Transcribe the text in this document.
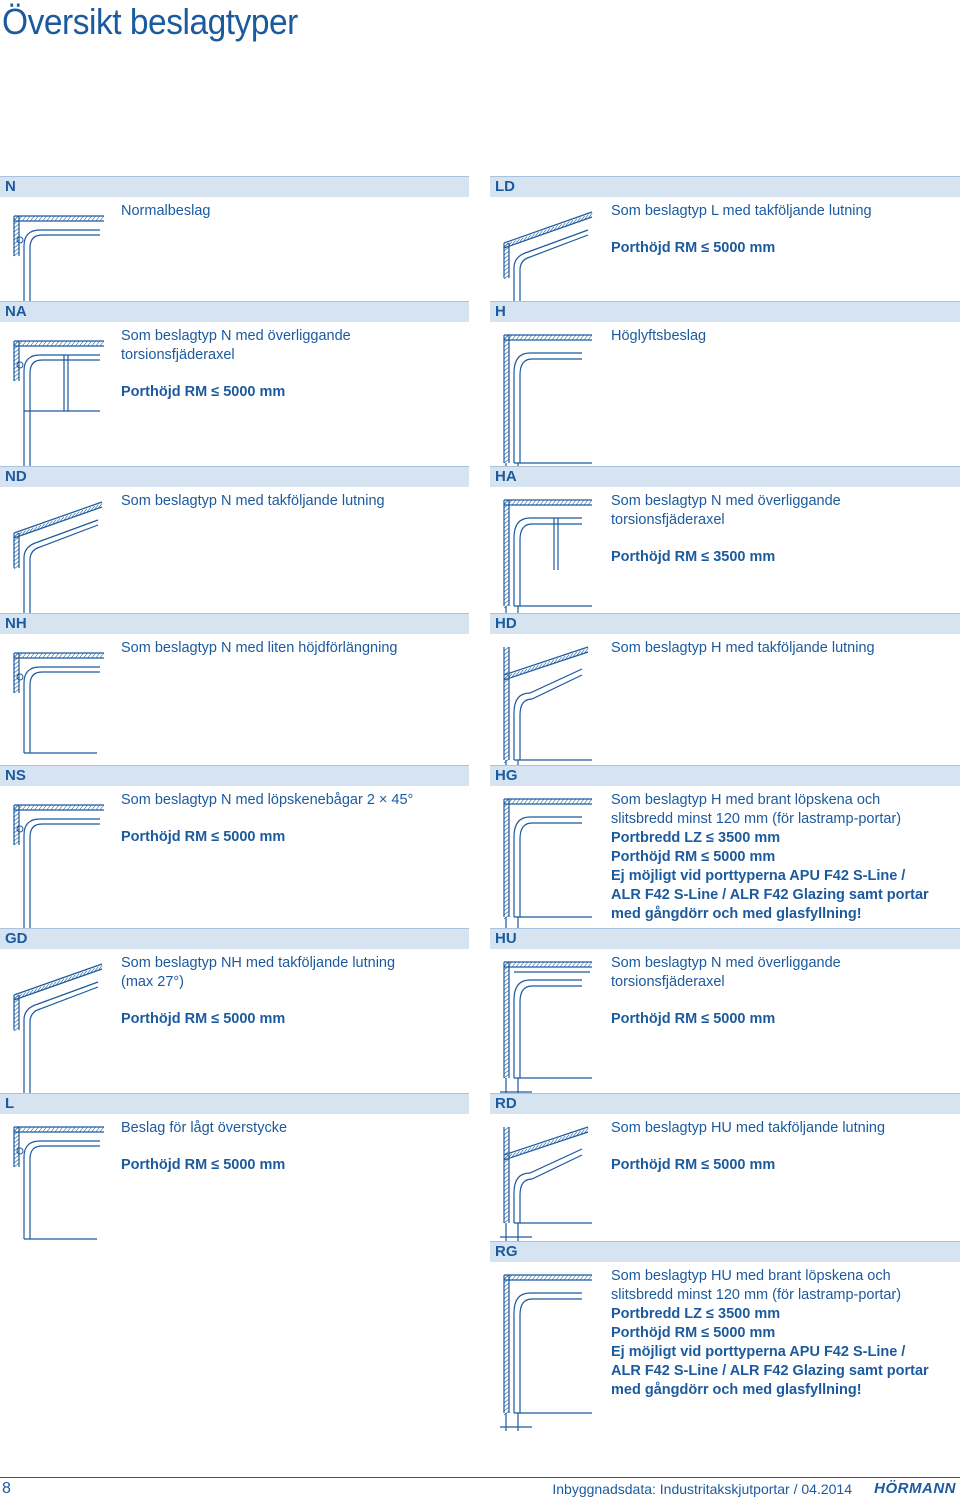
Översikt beslagtyper
N

Normalbeslag

LD

Som beslagtyp L med takföljande lutning

Porthöjd RM ≤ 5000 mm

NA

Som beslagtyp N med överliggande

torsionsfjäderaxel

Porthöjd RM ≤ 5000 mm

H

Höglyftsbeslag

ND

Som beslagtyp N med takföljande lutning

HA

Som beslagtyp N med överliggande

torsionsfjäderaxel

Porthöjd RM ≤ 3500 mm

NH

Som beslagtyp N med liten höjdförlängning

HD

Som beslagtyp H med takföljande lutning

NS

Som beslagtyp N med löpskenebågar 2 × 45°

Porthöjd RM ≤ 5000 mm

HG

Som beslagtyp H med brant löpskena och

slitsbredd minst 120 mm (för lastramp-portar)

Portbredd LZ ≤ 3500 mm

Porthöjd RM ≤ 5000 mm

Ej möjligt vid porttyperna APU F42 S-Line /

ALR F42 S-Line / ALR F42 Glazing samt portar

med gångdörr och med glasfyllning!

GD

Som beslagtyp NH med takföljande lutning

(max 27°)

Porthöjd RM ≤ 5000 mm

HU

Som beslagtyp N med överliggande

torsionsfjäderaxel

Porthöjd RM ≤ 5000 mm

L

Beslag för lågt överstycke

Porthöjd RM ≤ 5000 mm

RD

Som beslagtyp HU med takföljande lutning

Porthöjd RM ≤ 5000 mm

RG

Som beslagtyp HU med brant löpskena och

slitsbredd minst 120 mm (för lastramp-portar)

Portbredd LZ ≤ 3500 mm

Porthöjd RM ≤ 5000 mm

Ej möjligt vid porttyperna APU F42 S-Line /

ALR F42 S-Line / ALR F42 Glazing samt portar

med gångdörr och med glasfyllning!

8	Inbyggnadsdata: Industritakskjutportar / 04.2014 HÖRMANN
